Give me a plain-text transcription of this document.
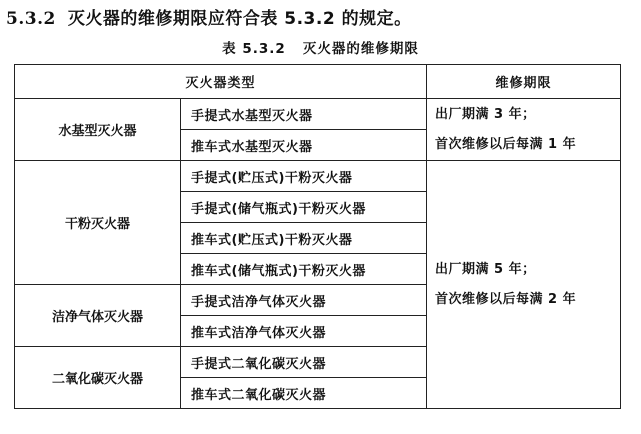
5.3.2 灭火器的维修期限应符合表 5.3.2 的规定。
表 5.3.2 灭火器的维修期限
灭火器类型		维修期限
水基型灭火器	手提式水基型灭火器	出厂期满 3 年；
首次维修以后每满 1 年

	推车式水基型灭火器	
干粉灭火器	手提式(贮压式)干粉灭火器	出厂期满 5 年；
首次维修以后每满 2 年

	手提式(储气瓶式)干粉灭火器	
	推车式(贮压式)干粉灭火器	
	推车式(储气瓶式)干粉灭火器	
洁净气体灭火器	手提式洁净气体灭火器	
	推车式洁净气体灭火器	
二氧化碳灭火器	手提式二氧化碳灭火器	
	推车式二氧化碳灭火器	
